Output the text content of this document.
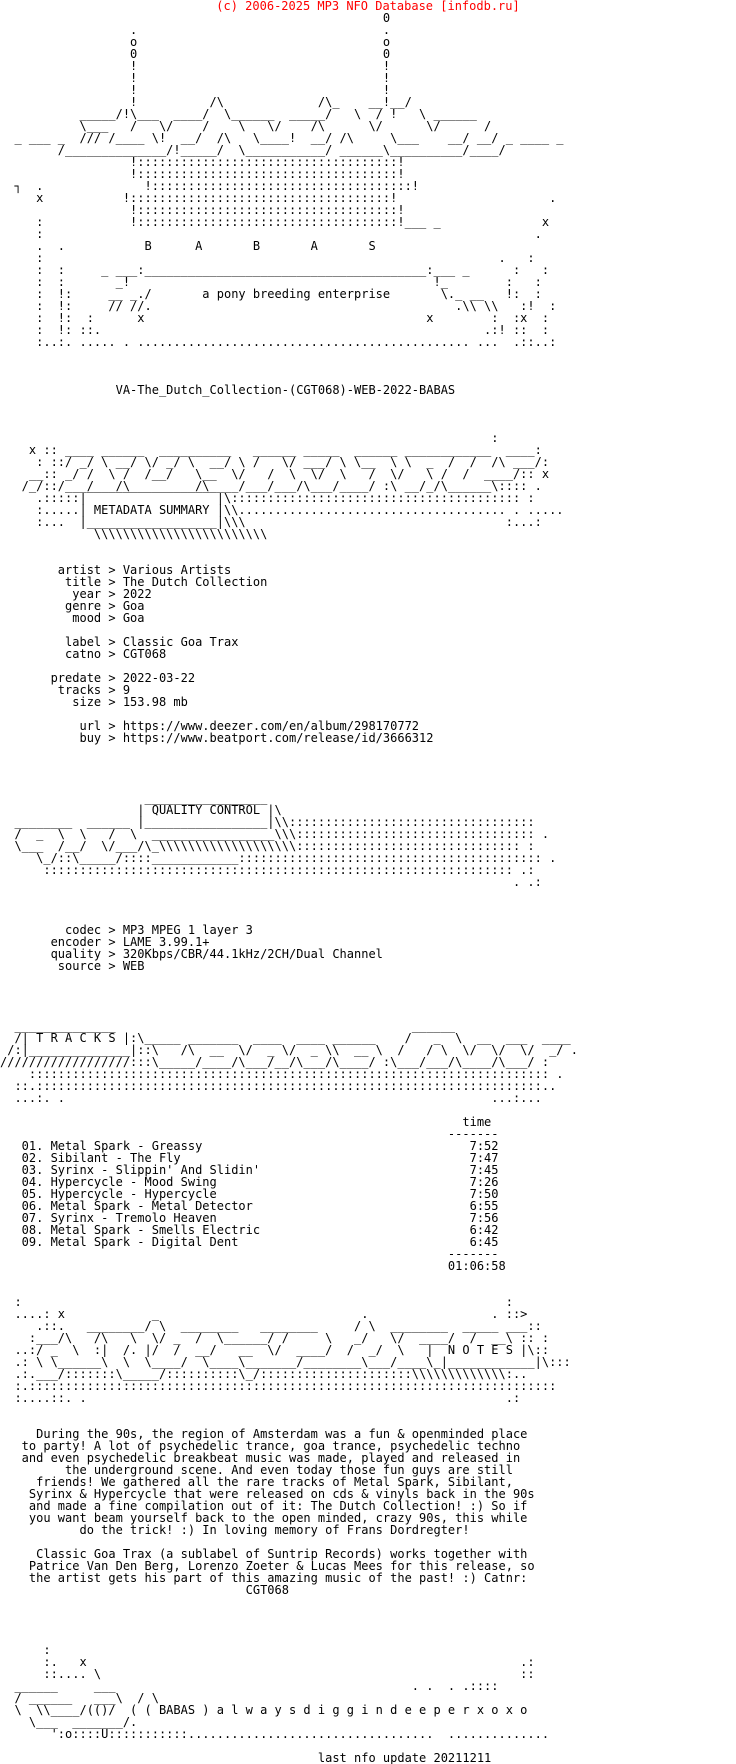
(c) 2006-2025 MP3 NFO Database [infodb.ru]
0
.                                  .
o                                  o
0                                  0
!                                  !
!                                  !
!                                  !
!          /\             /\_    __!__/
_____/!\___  ____/  \______  _____/   \  / !   \ ______
\___   /   \/    /    \   \/    /\      \/      \/      /
_ ___ _  /// /____ \!  __/  /\   \____!  __/ /\     \___    __/ __/ _ ____ _
/______________/!_____/  \___________/ ______\__________/____/
!::::::::::::::::::::::::::::::::::::!
!::::::::::::::::::::::::::::::::::::!
┐  .              !::::::::::::::::::::::::::::::::::::!
x           !::::::::::::::::::::::::::::::::::::!                     .
!::::::::::::::::::::::::::::::::::::!
:            !::::::::::::::::::::::::::::::::::::!___ _              x
:                                                                    .
.  .           B      A       B       A       S
:                                                               .   :
:  :     _ ___:_______________________________________:___ _      :   :
:  :       _!                                          !_        :   :
:  !:     __ _./       a pony breeding enterprise       \._ __   !:  :
:  !:     // //.                                          .\\ \\   :!  :
:  !:  :      x                                       x        :  :x  :
:  !: ::.                                                     .:! ::  :
:..:. ..... . .............................................. ...  .::..:

VA-The_Dutch_Collection-(CGT068)-WEB-2022-BABAS

:
x :: ____ ______  __________   ______ _____  ______ ____________  ____:
: ::/ _/ \ __/ \/ _/ \  __/ \ /   \/ ___/ \ \__  \ \  _  /  /  /\ ___/:
__:: _/ /  \ /  /__/   \__  \/   /  \  \/  \   /  \/   \ /  /  ____/:: x
/_/::/___/___/\_________/\____/___/___/\___/____/ :\ __/_/\______\:::: .
.:::::|‾‾‾‾‾‾‾‾‾‾‾‾‾‾‾‾‾‾|\:::::::::::::::::::::::::::::::::::::::: :
:.....| METADATA SUMMARY |\\..................................... . .....
:...  |__________________|\\\                                    :...:
\\\\\\\\\\\\\\\\\\\\\\\\

artist > Various Artists
title > The Dutch Collection
year > 2022
genre > Goa
mood > Goa

label > Classic Goa Trax
catno > CGT068

predate > 2022-03-22
tracks > 9
size > 153.98 mb

url > https://www.deezer.com/en/album/298170772
buy > https://www.beatport.com/release/id/3666312

_________________
| QUALITY CONTROL |\
________  ______ |_________________|\\::::::::::::::::::::::::::::::::::
/  _  \  \   /  \  _________________\\\::::::::::::::::::::::::::::::::: .
\___  /__/  \/___/\_\\\\\\\\\\\\\\\\\\\::::::::::::::::::::::::::::::: :
\_/::\_____/::::____________:::::::::::::::::::::::::::::::::::::::::: .
::::::::::::::::::::::::::::::::::::::::::::::::::::::::::::::::: .:
. .:

codec > MP3 MPEG 1 layer 3
encoder > LAME 3.99.1+
quality > 320Kbps/CBR/44.1kHz/2CH/Dual Channel
source > WEB

______________                                         ______
/| T R A C K S |:\_____ _______  ____  ____ ______    /   _  \  __  ___  ____
/:|______________|::\   /\  __  \/  _ \/  _ \\  __ \  /   / \  \/  \/  \/  _/ .
//////////////////:::\_____/____/\___/__/\___/\____/ :\___/___/\____/\___/ :
:::::::::::::::::::::::::::::::::::::::::::::::::::::::::::::::::::::::: .
::.::::::::::::::::::::::::::::::::::::::::::::::::::::::::::::::::::::::..
...:. .                                                           ...:...

time
-------
01. Metal Spark - Greassy                                     7:52
02. Sibilant - The Fly                                        7:47
03. Syrinx - Slippin' And Slidin'                             7:45
04. Hypercycle - Mood Swing                                   7:26
05. Hypercycle - Hypercycle                                   7:50
06. Metal Spark - Metal Detector                              6:55
07. Syrinx - Tremolo Heaven                                   7:56
08. Metal Spark - Smells Electric                             6:42
09. Metal Spark - Digital Dent                                6:45
-------
01:06:58

:                                                                   :
....: x            _                            .                 . ::>
.::.   ________/ \  ________   ________     / \  ________  _____ ___::
:___/\   /\   \  \/ _  /  \______/ /     \   _/   \/  ____/  /  __\ :: :
..:/ _  \  :|  /. |/  /  __/   __  \/  ____/  /  _/  \   |  N O T E S |\::
.: \ \______\  \  \____/  \____\_______/________\___/____\_|____________|\:::
.:.___/:::::::\_____/::::::::::\_/:::::::::::::::::::::\\\\\\\\\\\\\:..
:.:::::::::::::::::::::::::::::::::::::::::::::::::::::::::::::::::::::::::
:....::. .                                                          .:

During the 90s, the region of Amsterdam was a fun & openminded place
to party! A lot of psychedelic trance, goa trance, psychedelic techno
and even psychedelic breakbeat music was made, played and released in
the underground scene. And even today those fun guys are still
friends! We gathered all the rare tracks of Metal Spark, Sibilant,
Syrinx & Hypercycle that were released on cds & vinyls back in the 90s
and made a fine compilation out of it: The Dutch Collection! :) So if
you want beam yourself back to the open minded, crazy 90s, this while
do the trick! :) In loving memory of Frans Dordregter!

Classic Goa Trax (a sublabel of Suntrip Records) works together with
Patrice Van Den Berg, Lorenzo Zoeter & Lucas Mees for this release, so
the artist gets his part of this amazing music of the past! :) Catnr:
CGT068

:
:.   x                                                            .:
::.... \                                                          ::
______     ___                                         . .  . .::::
/ ______   ___\  / \
\  \\____/(()/  ( ( BABAS ) a l w a y s d i g g i n d e e p e r x o x o
\___  _______/.
':o::::U:::::::::::..................................  ..............

last nfo update 20211211
